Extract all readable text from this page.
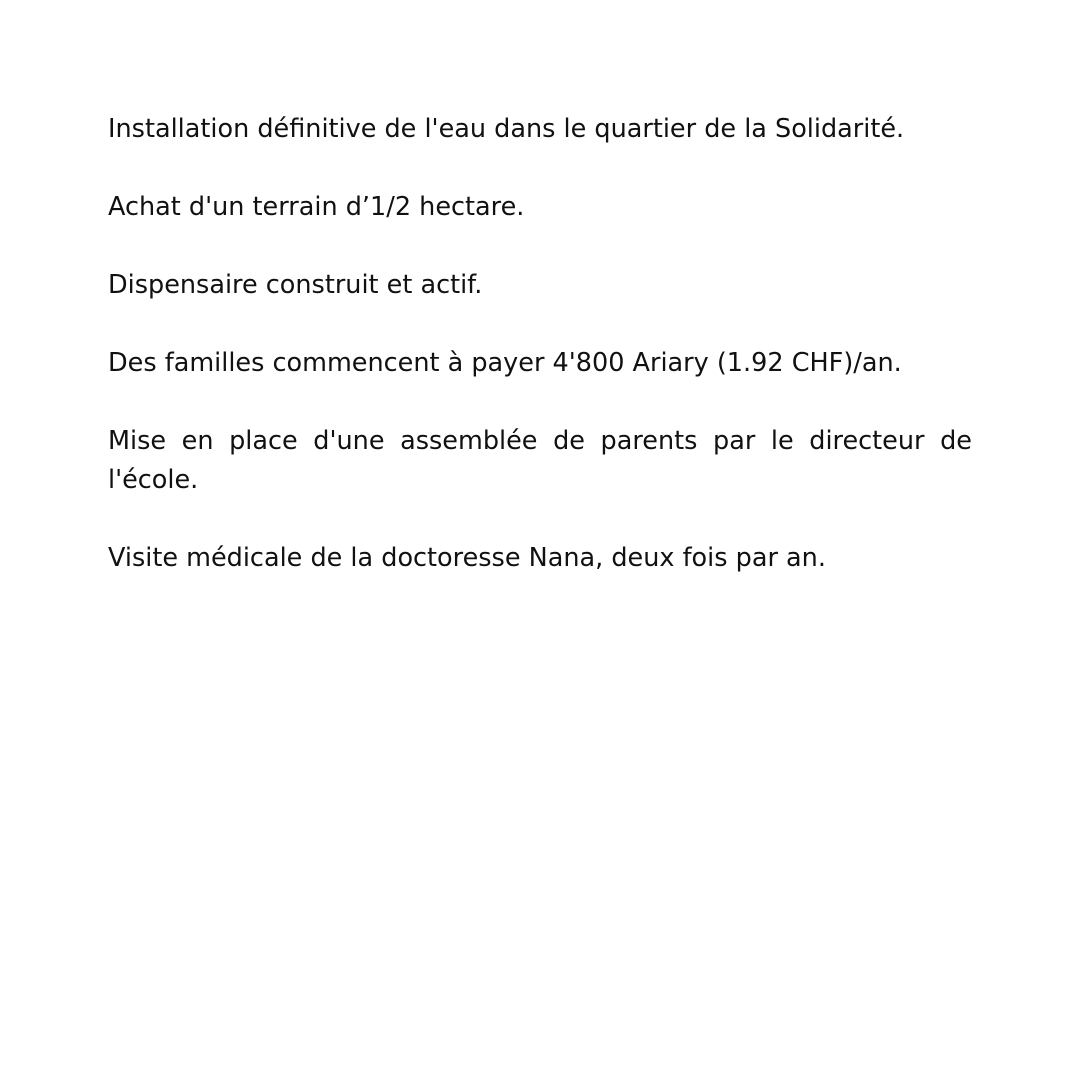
Installation définitive de l'eau dans le quartier de la Solidarité.

Achat d'un terrain d’1/2 hectare.

Dispensaire construit et actif.

Des familles commencent à payer 4'800 Ariary (1.92 CHF)/an.

Mise en place d'une assemblée de parents par le directeur de l'école.

Visite médicale de la doctoresse Nana, deux fois par an.
